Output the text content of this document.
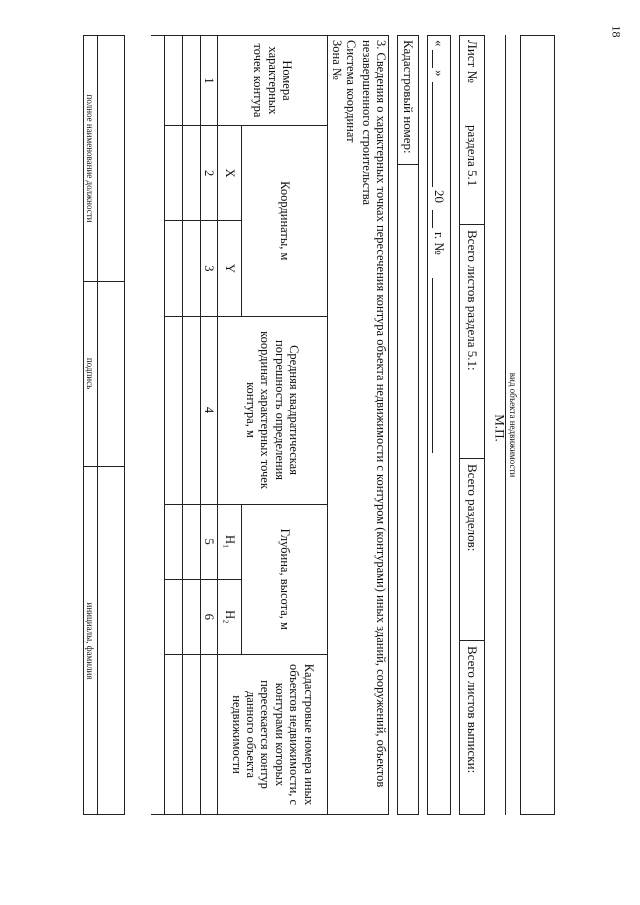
18
вид объекта недвижимости
Лист №
раздела 5.1
Всего листов раздела 5.1:
Всего разделов:
Всего листов выписки:
«
»
20
г. №
Кадастровый номер:
3. Сведения о характерных точках пересечения контура объекта недвижимости с контуром (контурами) иных зданий, сооружений, объектов незавершенного строительства
Система координат
Зона №
Номера характерных точек контура	Координаты, м		Средняя квадратическая погрешность определения координат характерных точек контура, м	Глубина, высота, м		Кадастровые номера иных объектов недвижимости, с контурами которых пересекается контур данного объекта недвижимости
	X	Y		H₁	H₂	
1	2	3	4	5	6	

полное наименование должности
подпись
инициалы, фамилия
М.П.
